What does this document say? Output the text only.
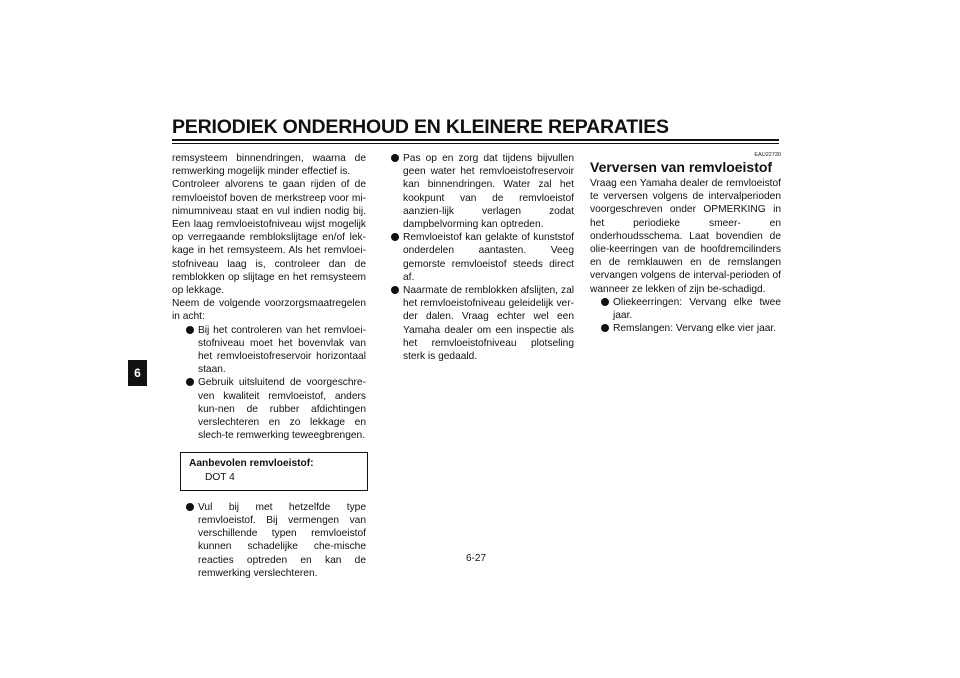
PERIODIEK ONDERHOUD EN KLEINERE REPARATIES
6

remsysteem binnendringen, waarna de remwerking mogelijk minder effectief is.

Controleer alvorens te gaan rijden of de remvloeistof boven de merkstreep voor mi-nimumniveau staat en vul indien nodig bij. Een laag remvloeistofniveau wijst mogelijk op verregaande remblokslijtage en/of lek-kage in het remsysteem. Als het remvloei-stofniveau laag is, controleer dan de remblokken op slijtage en het remsysteem op lekkage.

Neem de volgende voorzorgsmaatregelen in acht:

Bij het controleren van het remvloei-stofniveau moet het bovenvlak van het remvloeistofreservoir horizontaal staan.
Gebruik uitsluitend de voorgeschre-ven kwaliteit remvloeistof, anders kun-nen de rubber afdichtingen verslechteren en zo lekkage en slech-te remwerking teweegbrengen.
Aanbevolen remvloeistof:
DOT 4
Vul bij met hetzelfde type remvloeistof. Bij vermengen van verschillende typen remvloeistof kunnen schadelijke che-mische reacties optreden en kan de remwerking verslechteren.
Pas op en zorg dat tijdens bijvullen geen water het remvloeistofreservoir kan binnendringen. Water zal het kookpunt van de remvloeistof aanzien-lijk verlagen zodat dampbelvorming kan optreden.
Remvloeistof kan gelakte of kunststof onderdelen aantasten. Veeg gemorste remvloeistof steeds direct af.
Naarmate de remblokken afslijten, zal het remvloeistofniveau geleidelijk ver-der dalen. Vraag echter wel een Yamaha dealer om een inspectie als het remvloeistofniveau plotseling sterk is gedaald.
EAU22730
Verversen van remvloeistof

Vraag een Yamaha dealer de remvloeistof te verversen volgens de intervalperioden voorgeschreven onder OPMERKING in het periodieke smeer- en onderhoudsschema. Laat bovendien de olie-keerringen van de hoofdremcilinders en de remklauwen en de remslangen vervangen volgens de interval-perioden of wanneer ze lekken of zijn be-schadigd.

Oliekeerringen: Vervang elke twee jaar.
Remslangen: Vervang elke vier jaar.
6-27
